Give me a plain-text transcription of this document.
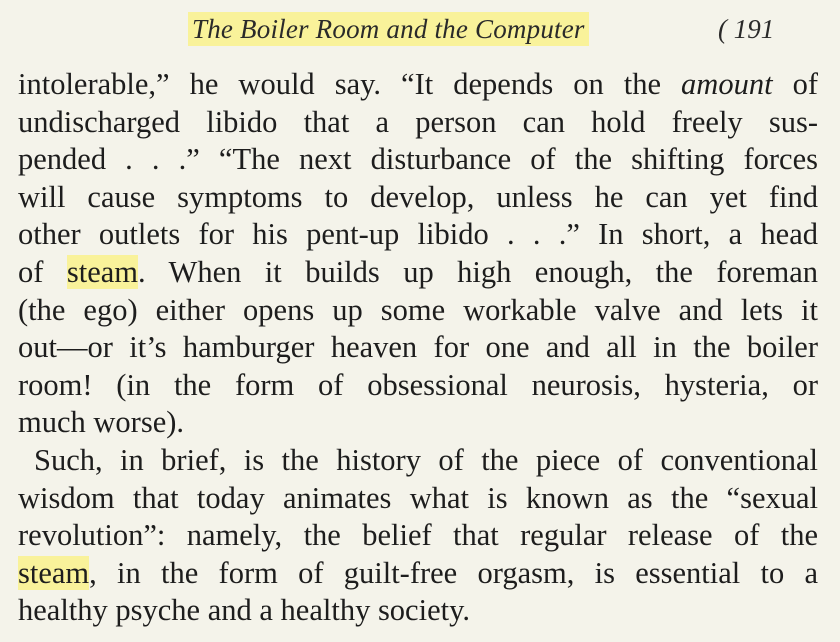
The Boiler Room and the Computer	( 191
intolerable,” he would say. “It depends on the amount of
undischarged libido that a person can hold freely sus-
pended . . .” “The next disturbance of the shifting forces
will cause symptoms to develop, unless he can yet find
other outlets for his pent-up libido . . .” In short, a head
of steam. When it builds up high enough, the foreman
(the ego) either opens up some workable valve and lets it
out—or it’s hamburger heaven for one and all in the boiler
room! (in the form of obsessional neurosis, hysteria, or
much worse).
Such, in brief, is the history of the piece of conventional
wisdom that today animates what is known as the “sexual
revolution”: namely, the belief that regular release of the
steam, in the form of guilt-free orgasm, is essential to a
healthy psyche and a healthy society.
